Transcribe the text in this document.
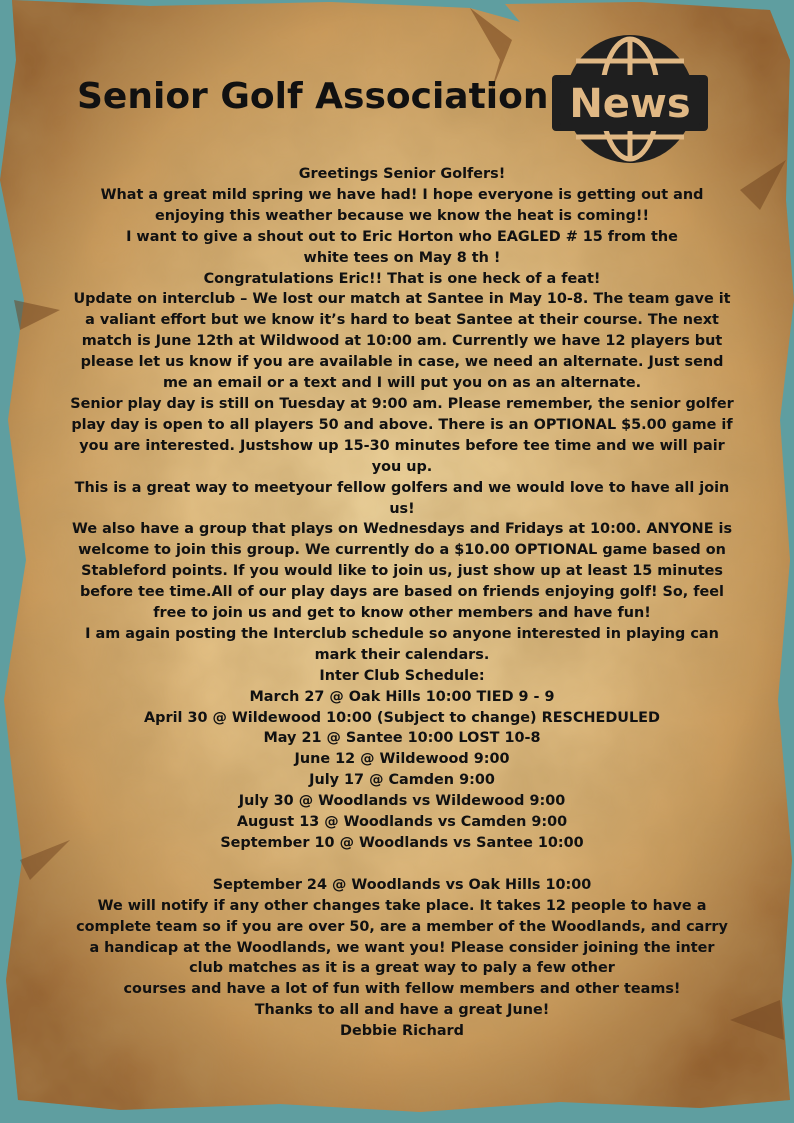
Senior Golf Association News

Greetings Senior Golfers!

What a great mild spring we have had! I hope everyone is getting out and enjoying this weather because we know the heat is coming!!

I want to give a shout out to Eric Horton who EAGLED # 15 from the

white tees on May 8 th !

Congratulations Eric!! That is one heck of a feat!

Update on interclub – We lost our match at Santee in May 10-8. The team gave it a valiant effort but we know it’s hard to beat Santee at their course. The next match is June 12th at Wildwood at 10:00 am. Currently we have 12 players but please let us know if you are available in case, we need an alternate. Just send me an email or a text and I will put you on as an alternate.

Senior play day is still on Tuesday at 9:00 am. Please remember, the senior golfer play day is open to all players 50 and above. There is an OPTIONAL $5.00 game if you are interested. Justshow up 15-30 minutes before tee time and we will pair you up.

This is a great way to meetyour fellow golfers and we would love to have all join us!

We also have a group that plays on Wednesdays and Fridays at 10:00. ANYONE is welcome to join this group. We currently do a $10.00 OPTIONAL game based on Stableford points. If you would like to join us, just show up at least 15 minutes before tee time.All of our play days are based on friends enjoying golf! So, feel free to join us and get to know other members and have fun!

I am again posting the Interclub schedule so anyone interested in playing can mark their calendars.

Inter Club Schedule:

March 27 @ Oak Hills 10:00 TIED 9 - 9

April 30 @ Wildewood 10:00 (Subject to change) RESCHEDULED

May 21 @ Santee 10:00 LOST 10-8

June 12 @ Wildewood 9:00

July 17 @ Camden 9:00

July 30 @ Woodlands vs Wildewood 9:00

August 13 @ Woodlands vs Camden 9:00

September 10 @ Woodlands vs Santee 10:00

September 24 @ Woodlands vs Oak Hills 10:00

We will notify if any other changes take place. It takes 12 people to have a complete team so if you are over 50, are a member of the Woodlands, and carry a handicap at the Woodlands, we want you! Please consider joining the inter club matches as it is a great way to paly a few other

courses and have a lot of fun with fellow members and other teams!

Thanks to all and have a great June!

Debbie Richard
